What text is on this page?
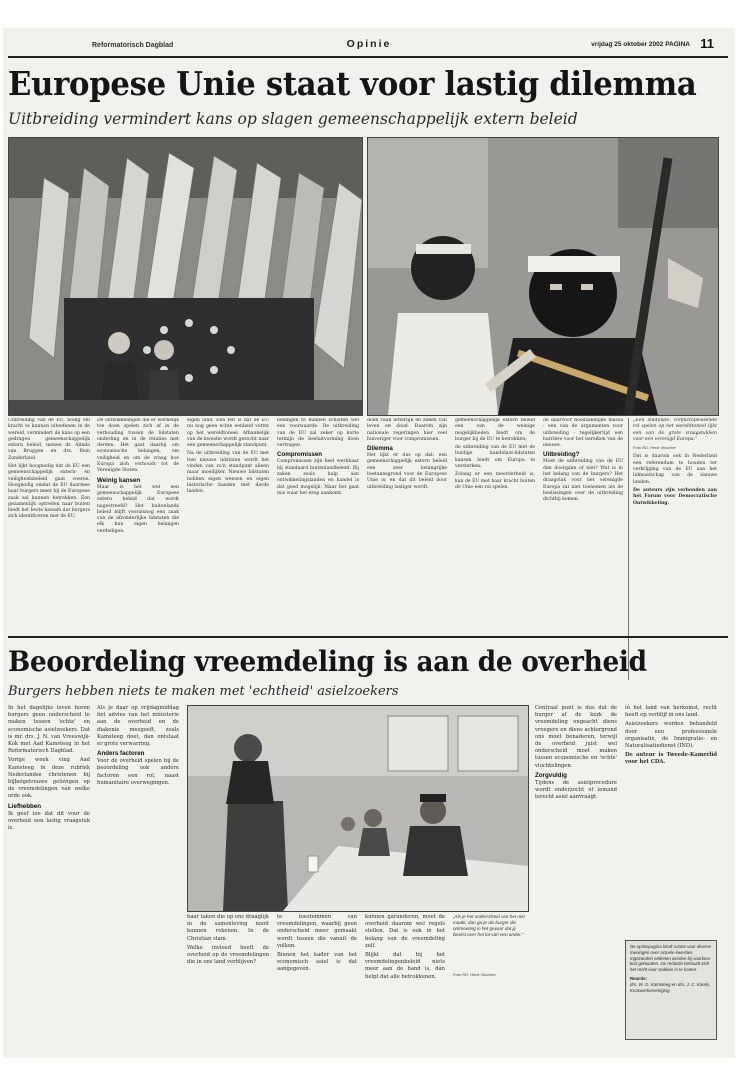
Reformatorisch Dagblad	Opinie	vrijdag 25 oktober 2002 PAGINA 11
Europese Unie staat voor lastig dilemma
Uitbreiding vermindert kans op slagen gemeenschappelijk extern beleid
Uitbreiding van de EU, nodig om kracht te kunnen uitoefenen in de wereld, vermindert de kans op een gedragen gemeenschappelijk extern beleid, menen dr. Alinda van Bruggen en drs. Bein Zonderland.
Het lijkt hoognodig dat de EU een gemeenschappelijk extern- en veiligheidsbeleid gaat voeren. Hoognodig omdat de EU daarmee haar burgers meer bij de Europese zaak zal kunnen betrekken. Een gezamenlijk optreden naar buiten biedt het beste kansen dat burgers zich identificeren met de EU.
De ontwikkelingen die er werkelijk toe doen spelen zich af in de verhouding tussen de lidstaten onderling en in de relaties met derden. Het gaat daarbij om economische belangen, om veiligheid en om de vraag hoe Europa zich verhoudt tot de Verenigde Staten.
Weinig kansen
Maar is het wel een gemeenschappelijk Europees extern beleid dat wordt nagestreefd? Het buitenlands beleid blijft vooralsnog een zaak van de afzonderlijke lidstaten die elk hun eigen belangen verdedigen.
eigen land. Een feit is dat de EU nu nog geen echte eenheid vormt op het wereldtoneel. Afhankelijk van de kwestie wordt gezocht naar een gemeenschappelijk standpunt.
Na de uitbreiding van de EU met tien nieuwe lidstaten wordt het vinden van zo'n standpunt alleen maar moeilijker. Nieuwe lidstaten hebben eigen wensen en eigen historische banden met derde landen.
belangen te kunnen schieten wel een voorwaarde. De uitbreiding van de EU zal zeker op korte termijn de besluitvorming doen vertragen.
Compromissen
Compromissen zijn heel werkbaar bij standaard buitenlandbeleid. Bij zaken zoals hulp aan ontwikkelingslanden en handel is dat goed mogelijk. Maar het gaat mis waar het erop aankomt.
doen vaak letterlijk en zaken van leven en dood. Daarom zijn nationale regeringen hier veel huiveriger voor compromissen.
Dilemma
Het lijkt er dus op dat: een gemeenschappelijk extern beleid een zeer belangrijke bestaansgrond voor de Europese Unie is; en dat dit beleid door uitbreiding lastiger wordt.
gemeenschappelijk extern beleid een van de weinige mogelijkheden biedt om de burger bij de EU te betrekken;
de uitbreiding van de EU met de huidige kandidaat-lidstaten kansen biedt om Europa te versterken;
Zolang er een meerderheid is, kan de EU met haar kracht buiten de Unie een rol spelen.
de daarvoor noodzakelijke massa - een van de argumenten voor uitbreiding - tegelijkertijd een barrière voor het bereiken van de nieuwe.
Uitbreiding?
Moet de uitbreiding van de EU dan doorgaan of niet? Wat is in het belang van de burgers? Het draagvlak voor het verenigde Europa zal niet toenemen als de beslissingen over de uitbreiding dichtbij komen.
„Een sluitende, conflictoplossende rol spelen op het wereldtoneel lijkt een van de grote vraagstukken voor een verenigd Europa.”
Foto RD, Henk Visscher
Dat is daarom ook in Nederland een referendum te houden ter verkrijging van de EU aan het lidmaatschap van de nieuwe landen.
De auteurs zijn verbonden aan het Forum voor Democratische Ontwikkeling.
Beoordeling vreemdeling is aan de overheid
Burgers hebben niets te maken met 'echtheid' asielzoekers
In het dagelijks leven horen burgers geen onderscheid te maken tussen 'echte' en economische asielzoekers. Dat is mr. drs. J. N. van Vreeswijk-Kok met Aad Kamsteeg in het Reformatorisch Dagblad.
Vorige week ving Aad Kamsteeg in deze rubriek Nederlandse christenen bij bijbelgetrouwe gelovigen op de vreemdelingen van welke orde ook.
Liefhebben
Ik geef toe dat dit voor de overheid een lastig vraagstuk is.
Als je daar op vrijdagmiddag het advies van het ministerie aan de overheid en de diakonie meegeeft, zoals Kamsteeg doet, dan ontstaat er grote verwarring.
Anders factoren
Voor de overheid spelen bij de beoordeling ook andere factoren een rol, naast humanitaire overwegingen.
haar taken die op ons draaglijk in de samenleving nooit kunnen rekenen. In de Christian stam.
Welke invloed heeft de overheid op de vreemdelingen die in ons land verblijven?
te toestemmen van vreemdelingen, waarbij geen onderscheid meer gemaakt wordt tussen die vanuit de volken.
Binnen het kader van het economisch asiel is dat aangegeven.
kunnen garanderen, moet de overheid daarom wel regels stellen. Dat is ook in het belang van de vreemdeling zelf.
Blijkt dat bij het vreemdelingenbeleid niets meer aan de hand is, dan helpt dat alle betrokkenen.
„Als je het onderscheid van het niet maakt, dan ga je als burger die ontmoeting in het gevaar dat jij beslist over het lot van een ander.”
Foto RD, Henk Visscher
Centraal punt is dus dat de burger af de kerk de vreemdeling ongeacht diens vroegere en diens achtergrond ons moet benaderen, terwijl de overheid juist wel onderscheid moet maken tussen economische en 'echte' vluchtelingen.
Zorgvuldig
Tijdens de asielprocedure wordt onderzocht of iemand terecht asiel aanvraagt.
in het land van herkomst, recht heeft op verblijf in ons land.
Asielzoekers worden behandeld door een professionele organisatie, de Immigratie- en Naturalisatiedienst (IND).
De auteur is Tweede-Kamerlid voor het CDA.
De opiniepagina biedt ruimte voor diverse meningen over actuele kwesties. Ingezonden artikelen worden bij voorkeur kort gehouden. De redactie behoudt zich het recht voor stukken in te korten.
Reactie:
drs. W. G. Kamsteeg en drs. J. C. Karels, Kruiswerkvereniging
